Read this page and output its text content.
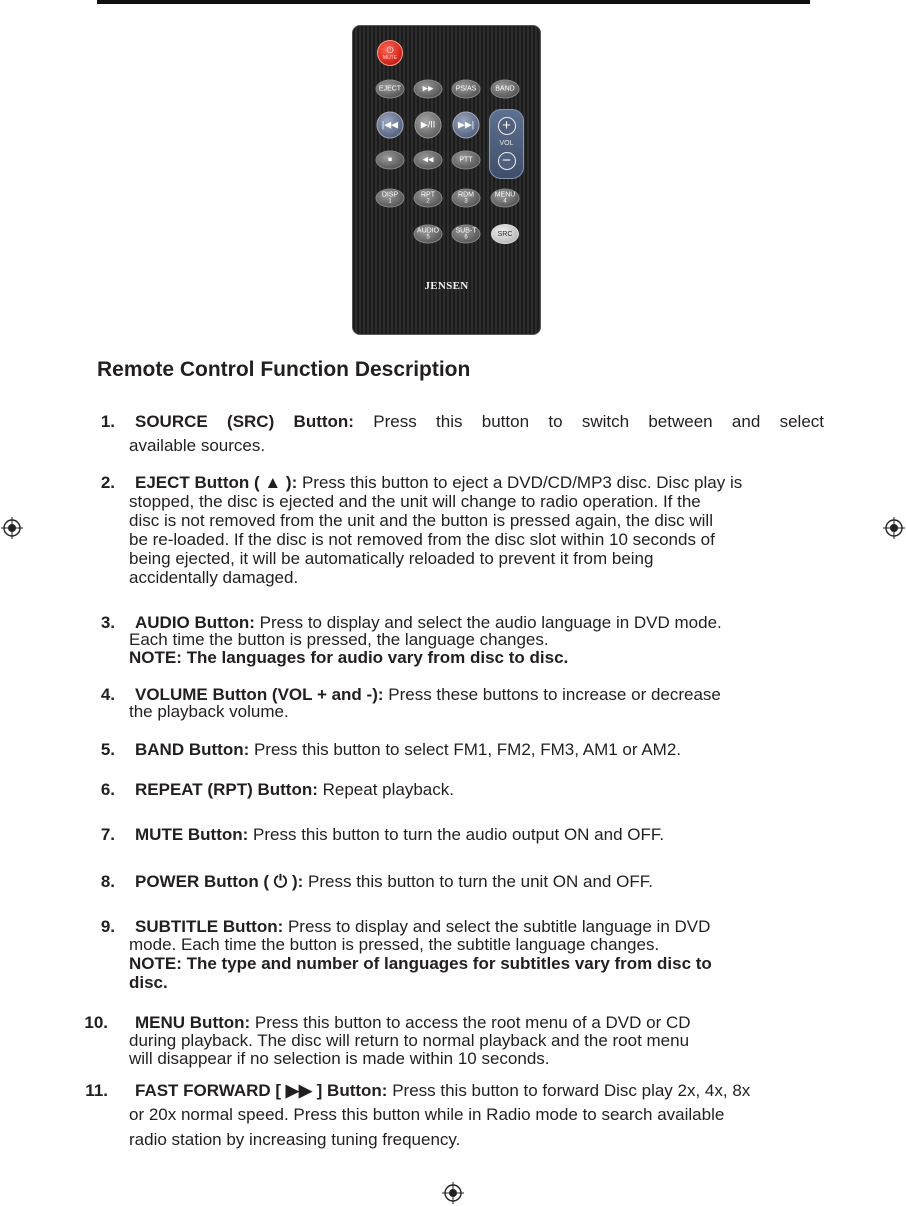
⏻
MUTE
EJECT	▶▶	PS/AS	BAND
|◀◀	▶/II	▶▶|	+
VOL
−
■	◀◀	PTT
DISP
1
RPT
2
RDM
3
MENU
4
AUDIO
5
SUB-T
6	SRC
JENSEN
Remote Control Function Description
1. SOURCE (SRC) Button: Press this button to switch between and select
available sources.
2. EJECT Button ( ▲ ): Press this button to eject a DVD/CD/MP3 disc. Disc play is
stopped, the disc is ejected and the unit will change to radio operation. If the
disc is not removed from the unit and the button is pressed again, the disc will
be re-loaded. If the disc is not removed from the disc slot within 10 seconds of
being ejected, it will be automatically reloaded to prevent it from being
accidentally damaged.
3. AUDIO Button: Press to display and select the audio language in DVD mode.
Each time the button is pressed, the language changes.
NOTE: The languages for audio vary from disc to disc.
4. VOLUME Button (VOL + and -): Press these buttons to increase or decrease
the playback volume.
5. BAND Button: Press this button to select FM1, FM2, FM3, AM1 or AM2.
6. REPEAT (RPT) Button: Repeat playback.
7. MUTE Button: Press this button to turn the audio output ON and OFF.
8. POWER Button ( ⏻ ): Press this button to turn the unit ON and OFF.
9. SUBTITLE Button: Press to display and select the subtitle language in DVD
mode. Each time the button is pressed, the subtitle language changes.
NOTE: The type and number of languages for subtitles vary from disc to
disc.
10. MENU Button: Press this button to access the root menu of a DVD or CD
during playback. The disc will return to normal playback and the root menu
will disappear if no selection is made within 10 seconds.
11. FAST FORWARD [ ▶▶ ] Button: Press this button to forward Disc play 2x, 4x, 8x
or 20x normal speed. Press this button while in Radio mode to search available
radio station by increasing tuning frequency.
